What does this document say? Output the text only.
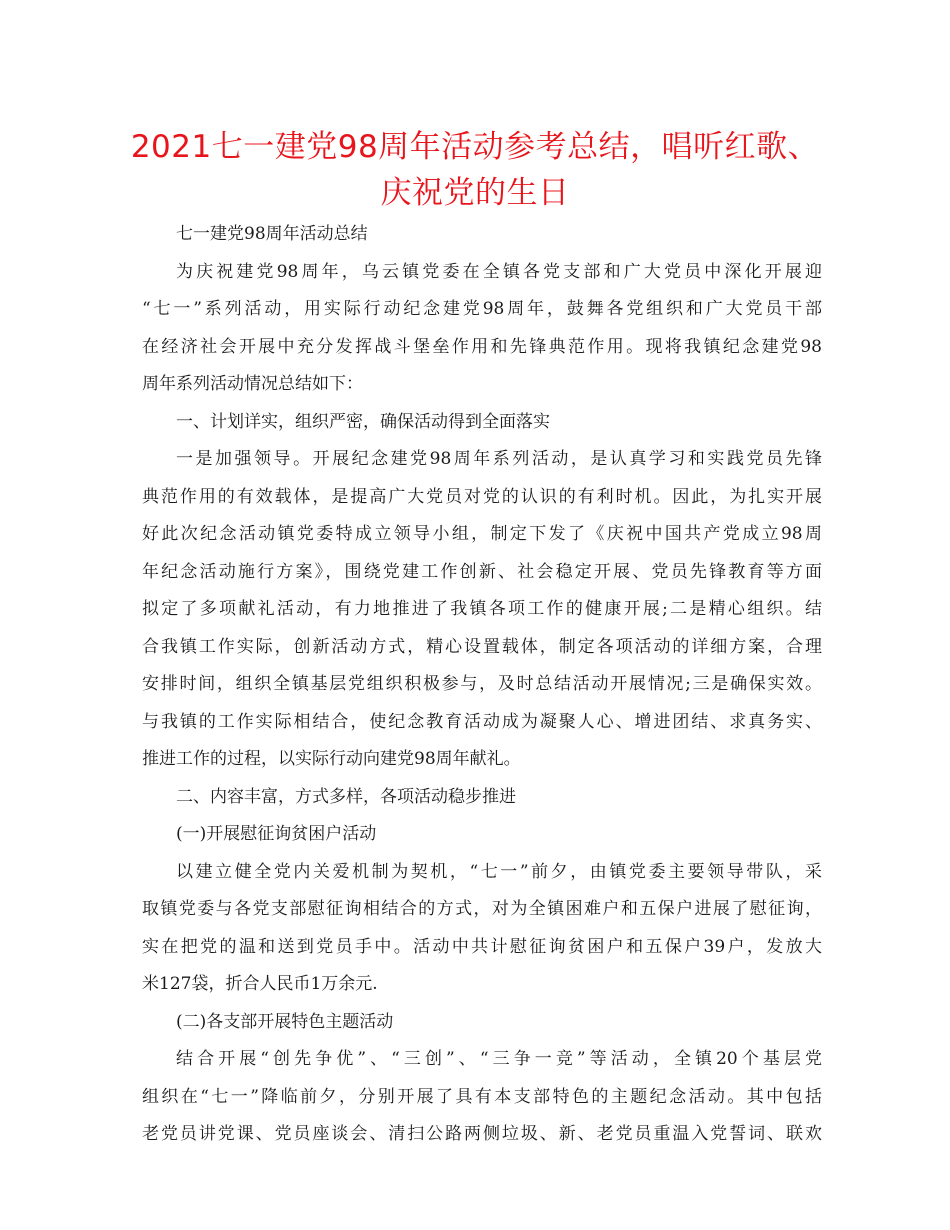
2021七一建党98周年活动参考总结，唱听红歌、
庆祝党的生日
七一建党98周年活动总结
为庆祝建党98周年，乌云镇党委在全镇各党支部和广大党员中深化开展迎
“七一”系列活动，用实际行动纪念建党98周年，鼓舞各党组织和广大党员干部
在经济社会开展中充分发挥战斗堡垒作用和先锋典范作用。现将我镇纪念建党98
周年系列活动情况总结如下：
一、计划详实，组织严密，确保活动得到全面落实
一是加强领导。开展纪念建党98周年系列活动，是认真学习和实践党员先锋
典范作用的有效载体，是提高广大党员对党的认识的有利时机。因此，为扎实开展
好此次纪念活动镇党委特成立领导小组，制定下发了《庆祝中国共产党成立98周
年纪念活动施行方案》，围绕党建工作创新、社会稳定开展、党员先锋教育等方面
拟定了多项献礼活动，有力地推进了我镇各项工作的健康开展;二是精心组织。结
合我镇工作实际，创新活动方式，精心设置载体，制定各项活动的详细方案，合理
安排时间，组织全镇基层党组织积极参与，及时总结活动开展情况;三是确保实效。
与我镇的工作实际相结合，使纪念教育活动成为凝聚人心、增进团结、求真务实、
推进工作的过程，以实际行动向建党98周年献礼。
二、内容丰富，方式多样，各项活动稳步推进
(一)开展慰征询贫困户活动
以建立健全党内关爱机制为契机，“七一”前夕，由镇党委主要领导带队，采
取镇党委与各党支部慰征询相结合的方式，对为全镇困难户和五保户进展了慰征询，
实在把党的温和送到党员手中。活动中共计慰征询贫困户和五保户39户，发放大
米127袋，折合人民币1万余元.
(二)各支部开展特色主题活动
结合开展“创先争优”、“三创”、“三争一竞”等活动，全镇20个基层党
组织在“七一”降临前夕，分别开展了具有本支部特色的主题纪念活动。其中包括
老党员讲党课、党员座谈会、清扫公路两侧垃圾、新、老党员重温入党誓词、联欢
